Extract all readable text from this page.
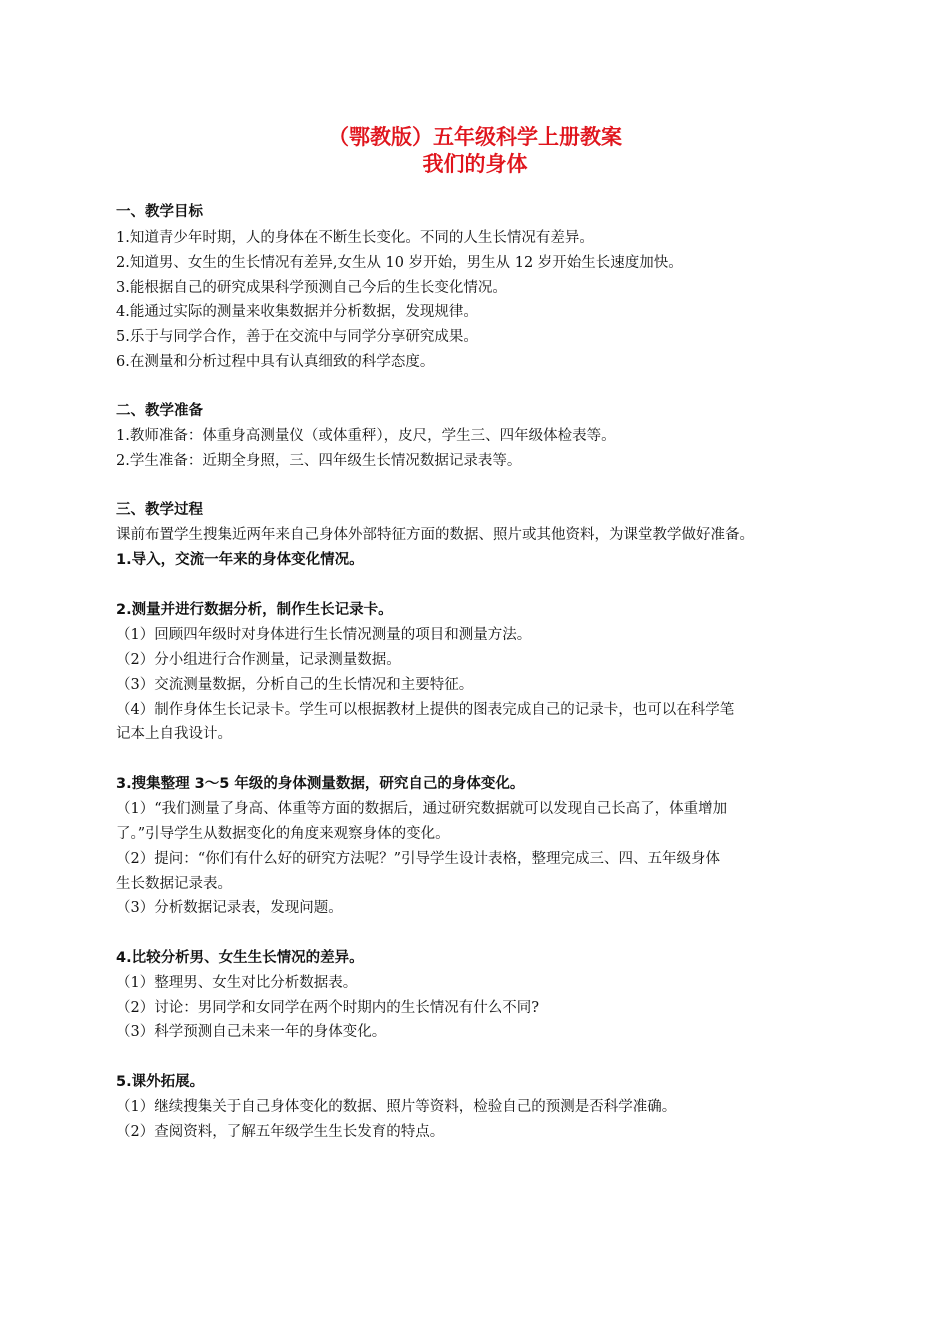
（鄂教版）五年级科学上册教案
我们的身体
一、教学目标
1.知道青少年时期，人的身体在不断生长变化。不同的人生长情况有差异。
2.知道男、女生的生长情况有差异,女生从 10 岁开始，男生从 12 岁开始生长速度加快。
3.能根据自己的研究成果科学预测自己今后的生长变化情况。
4.能通过实际的测量来收集数据并分析数据，发现规律。
5.乐于与同学合作，善于在交流中与同学分享研究成果。
6.在测量和分析过程中具有认真细致的科学态度。
二、教学准备
1.教师准备：体重身高测量仪（或体重秤），皮尺，学生三、四年级体检表等。
2.学生准备：近期全身照，三、四年级生长情况数据记录表等。
三、教学过程
课前布置学生搜集近两年来自己身体外部特征方面的数据、照片或其他资料，为课堂教学做好准备。
1.导入，交流一年来的身体变化情况。
2.测量并进行数据分析，制作生长记录卡。
（1）回顾四年级时对身体进行生长情况测量的项目和测量方法。
（2）分小组进行合作测量，记录测量数据。
（3）交流测量数据，分析自己的生长情况和主要特征。
（4）制作身体生长记录卡。学生可以根据教材上提供的图表完成自己的记录卡，也可以在科学笔
记本上自我设计。
3.搜集整理 3～5 年级的身体测量数据，研究自己的身体变化。
（1）“我们测量了身高、体重等方面的数据后，通过研究数据就可以发现自己长高了，体重增加
了。”引导学生从数据变化的角度来观察身体的变化。
（2）提问：“你们有什么好的研究方法呢？”引导学生设计表格，整理完成三、四、五年级身体
生长数据记录表。
（3）分析数据记录表，发现问题。
4.比较分析男、女生生长情况的差异。
（1）整理男、女生对比分析数据表。
（2）讨论：男同学和女同学在两个时期内的生长情况有什么不同?
（3）科学预测自己未来一年的身体变化。
5.课外拓展。
（1）继续搜集关于自己身体变化的数据、照片等资料，检验自己的预测是否科学准确。
（2）查阅资料，了解五年级学生生长发育的特点。
